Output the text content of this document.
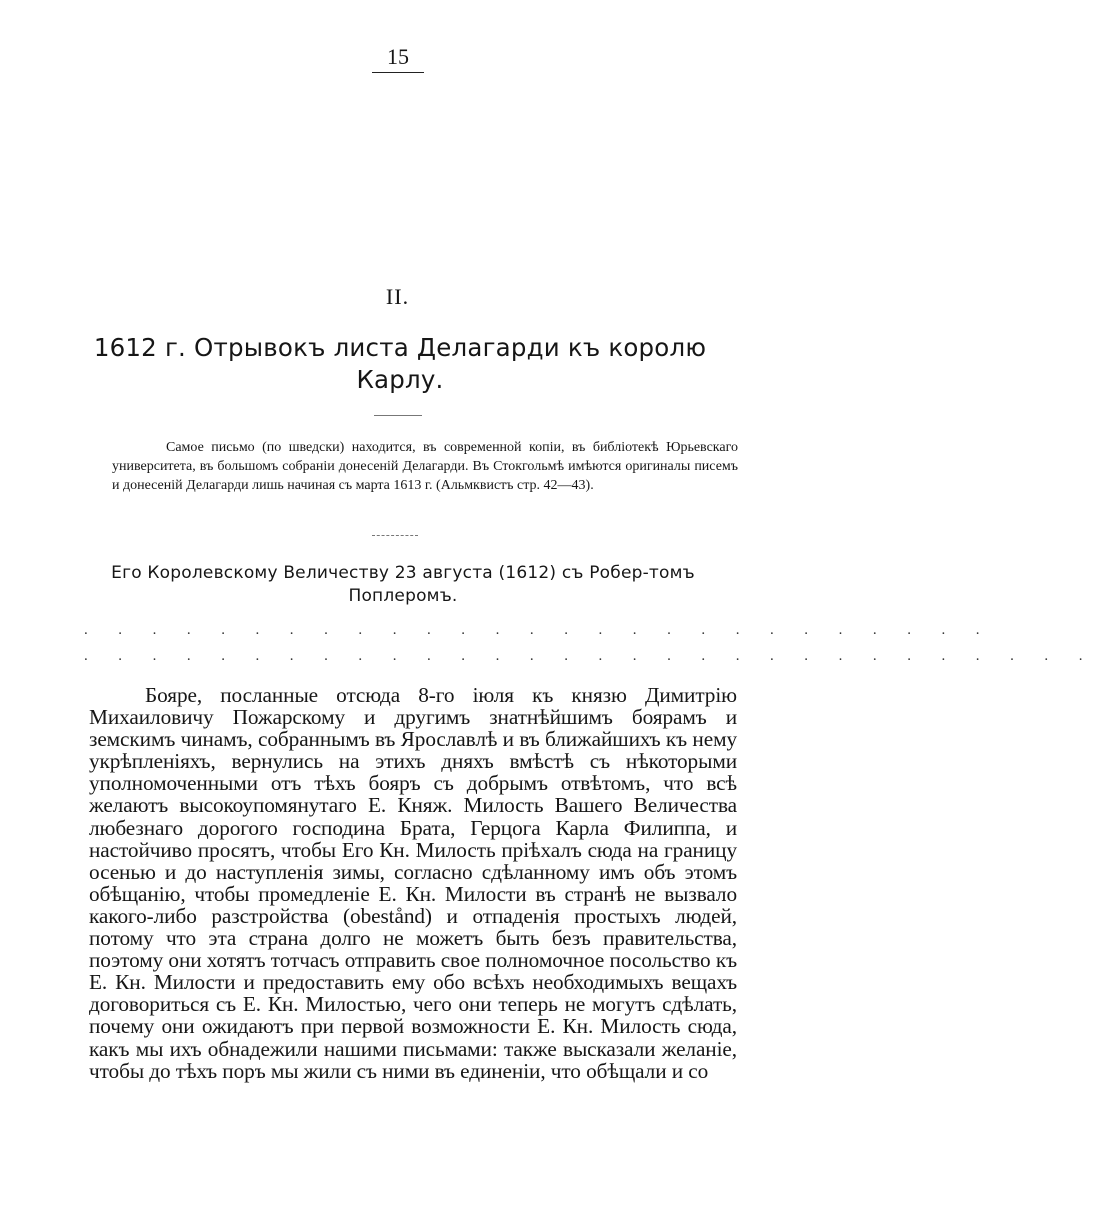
15
II.
1612 г. Отрывокъ листа Делагарди къ королю Карлу.
Самое письмо (по шведски) находится, въ современной копіи, въ библіотекѣ Юрьевскаго университета, въ большомъ собраніи донесеній Делагарди. Въ Стокгольмѣ имѣются оригиналы писемъ и донесеній Делагарди лишь начиная съ марта 1613 г. (Альмквистъ стр. 42—43).
Его Королевскому Величеству 23 августа (1612) съ Робер-томъ Поплеромъ.
. . . . . . . . . . . . . . . . . . . . . . . . . . .
. . . . . . . . . . . . . . . . . . . . . . . . . . . . . .
Бояре, посланные отсюда 8-го іюля къ князю Димитрію Михаиловичу Пожарскому и другимъ знатнѣйшимъ боярамъ и земскимъ чинамъ, собраннымъ въ Ярославлѣ и въ ближайшихъ къ нему укрѣпленіяхъ, вернулись на этихъ дняхъ вмѣстѣ съ нѣкоторыми уполномоченными отъ тѣхъ бояръ съ добрымъ отвѣтомъ, что всѣ желаютъ высокоупомянутаго Е. Княж. Милость Вашего Величества любезнаго дорогого господина Брата, Герцога Карла Филиппа, и настойчиво просятъ, чтобы Его Кн. Милость пріѣхалъ сюда на границу осенью и до наступленія зимы, согласно сдѣланному имъ объ этомъ обѣщанію, чтобы промедленіе Е. Кн. Милости въ странѣ не вызвало какого-либо разстройства (obestånd) и отпаденія простыхъ людей, потому что эта страна долго не можетъ быть безъ правительства, поэтому они хотятъ тотчасъ отправить свое полномочное посольство къ Е. Кн. Милости и предоставить ему обо всѣхъ необходимыхъ вещахъ договориться съ Е. Кн. Милостью, чего они теперь не могутъ сдѣлать, почему они ожидаютъ при первой возможности Е. Кн. Милость сюда, какъ мы ихъ обнадежили нашими письмами: также высказали желаніе, чтобы до тѣхъ поръ мы жили съ ними въ единеніи, что обѣщали и со
